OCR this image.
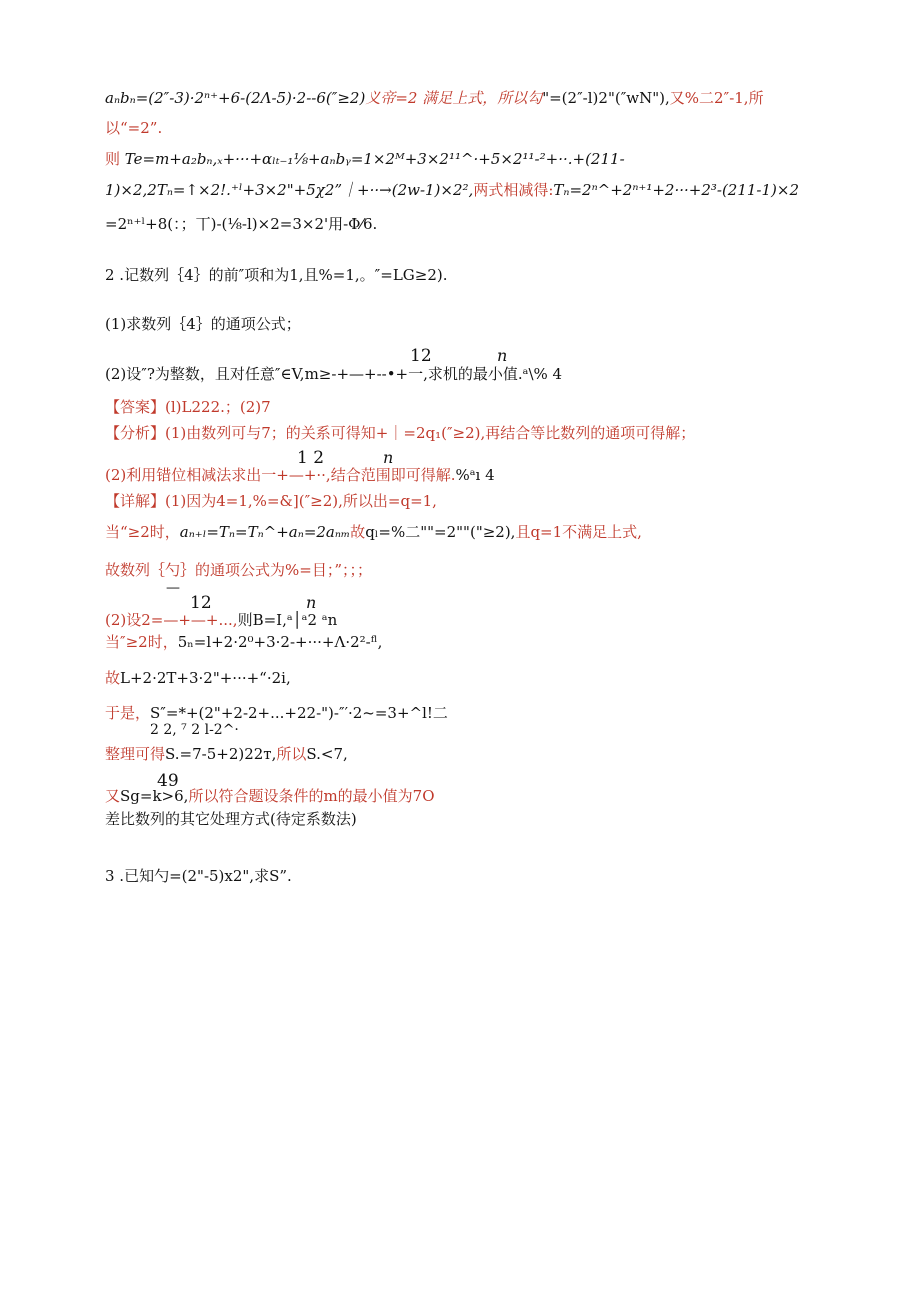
aₙbₙ=(2″-3)·2ⁿ⁺+6-(2Λ-5)·2--6(″≥2)义帝=2 满足上式，所以勾"=(2″-l)2"(″wN"),又%二2″-1,所
以“=2”.
则 Te=m+a₂bₙ,ₓ+···+αₗₜ₋₁⅛+aₙbᵧ=1×2ᴹ+3×2¹¹^·+5×2¹¹-²+··.+(211-
1)×2,2Tₙ=↑×2!.⁺ˡ+3×2"+5χ2”｜+··→(2w-1)×2²,两式相减得:Tₙ=2ⁿ^+2ⁿ⁺¹+2···+2³-(211-1)×2
=2ⁿ⁺ˡ+8(：；丅)-(⅛-l)×2=3×2'用-Φ⁄6.
2 .记数列｛4｝的前″项和为1,且%=1,。″=LG≥2).
(1)求数列｛4｝的通项公式；
12	n
(2)设″?为整数，且对任意″∈V,m≥-+—+--•+一,求机的最小值.ᵃ\% 4
【答案】(l)L222.；(2)7
【分析】(1)由数列可与7；的关系可得知+｜=2q₁(″≥2),再结合等比数列的通项可得解；
1 2	n
(2)利用错位相减法求出一+—+··,结合范围即可得解.%ᵃı 4
【详解】(1)因为4=1,%=&](″≥2),所以出=q=1,
当“≥2时，aₙ₊ₗ=Tₙ=Tₙ^+aₙ=2aₙₘ故qₗ=%二""=2""("≥2),且q=1不满足上式,
故数列｛勺｝的通项公式为%=目；”；；；
—
12	n
(2)设2=—+—+...,则B=I,ᵃ│ᵃ2 ᵃn
当″≥2时，5ₙ=l+2·2⁰+3·2-+···+Λ·2²-ᶠˡ,
故L+2·2T+3·2"+···+“·2i,
于是，S″=*+(2"+2-2+...+22-")-″′·2~=3+^l!二
2 2, ⁷ 2 l-2^·
整理可得S.=7-5+2)22т,所以S.<7,
49
又Sg=k>6,所以符合题设条件的m的最小值为7O
差比数列的其它处理方式(待定系数法)
3 .已知勺=(2"-5)x2",求S”.
